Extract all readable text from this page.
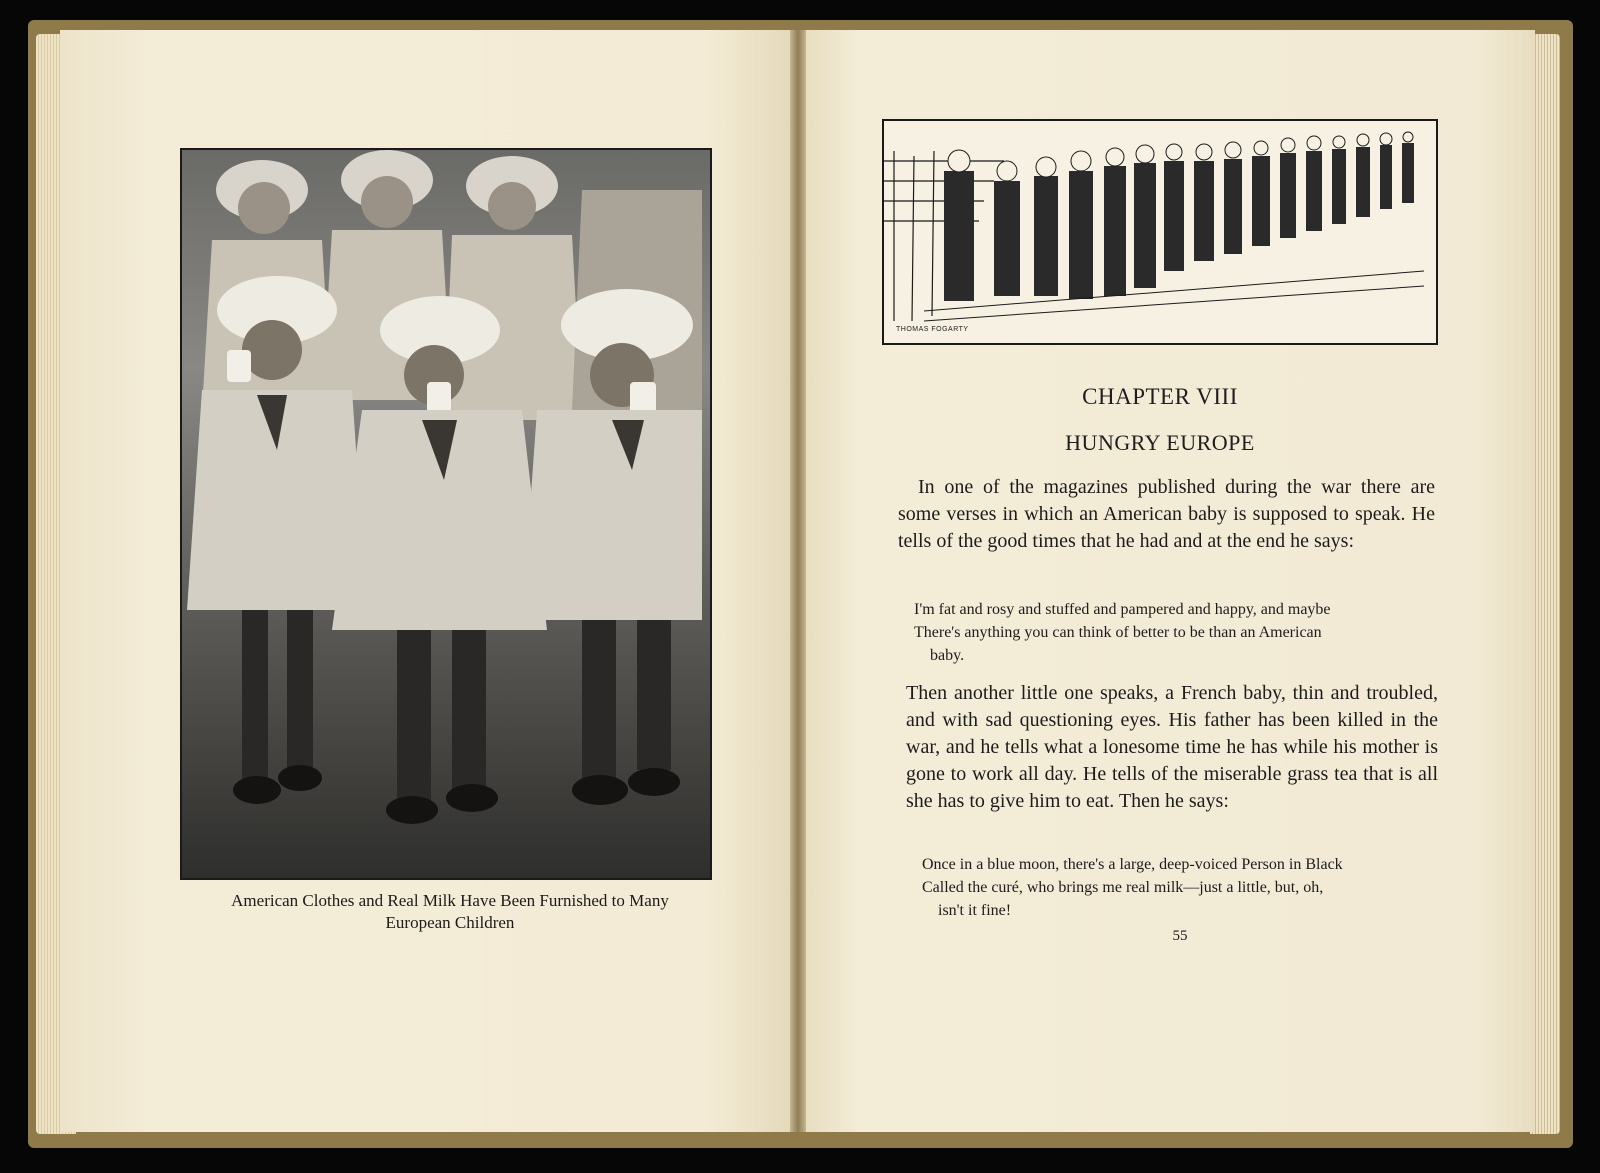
American Clothes and Real Milk Have Been Furnished to Many
European Children
THOMAS FOGARTY
CHAPTER VIII
HUNGRY EUROPE
In one of the magazines published during the war there are some verses in which an American baby is supposed to speak. He tells of the good times that he had and at the end he says:
I'm fat and rosy and stuffed and pampered and happy, and maybe
There's anything you can think of better to be than an American
baby.
Then another little one speaks, a French baby, thin and troubled, and with sad questioning eyes. His father has been killed in the war, and he tells what a lonesome time he has while his mother is gone to work all day. He tells of the miserable grass tea that is all she has to give him to eat. Then he says:
Once in a blue moon, there's a large, deep-voiced Person in Black
Called the curé, who brings me real milk—just a little, but, oh,
isn't it fine!
55
